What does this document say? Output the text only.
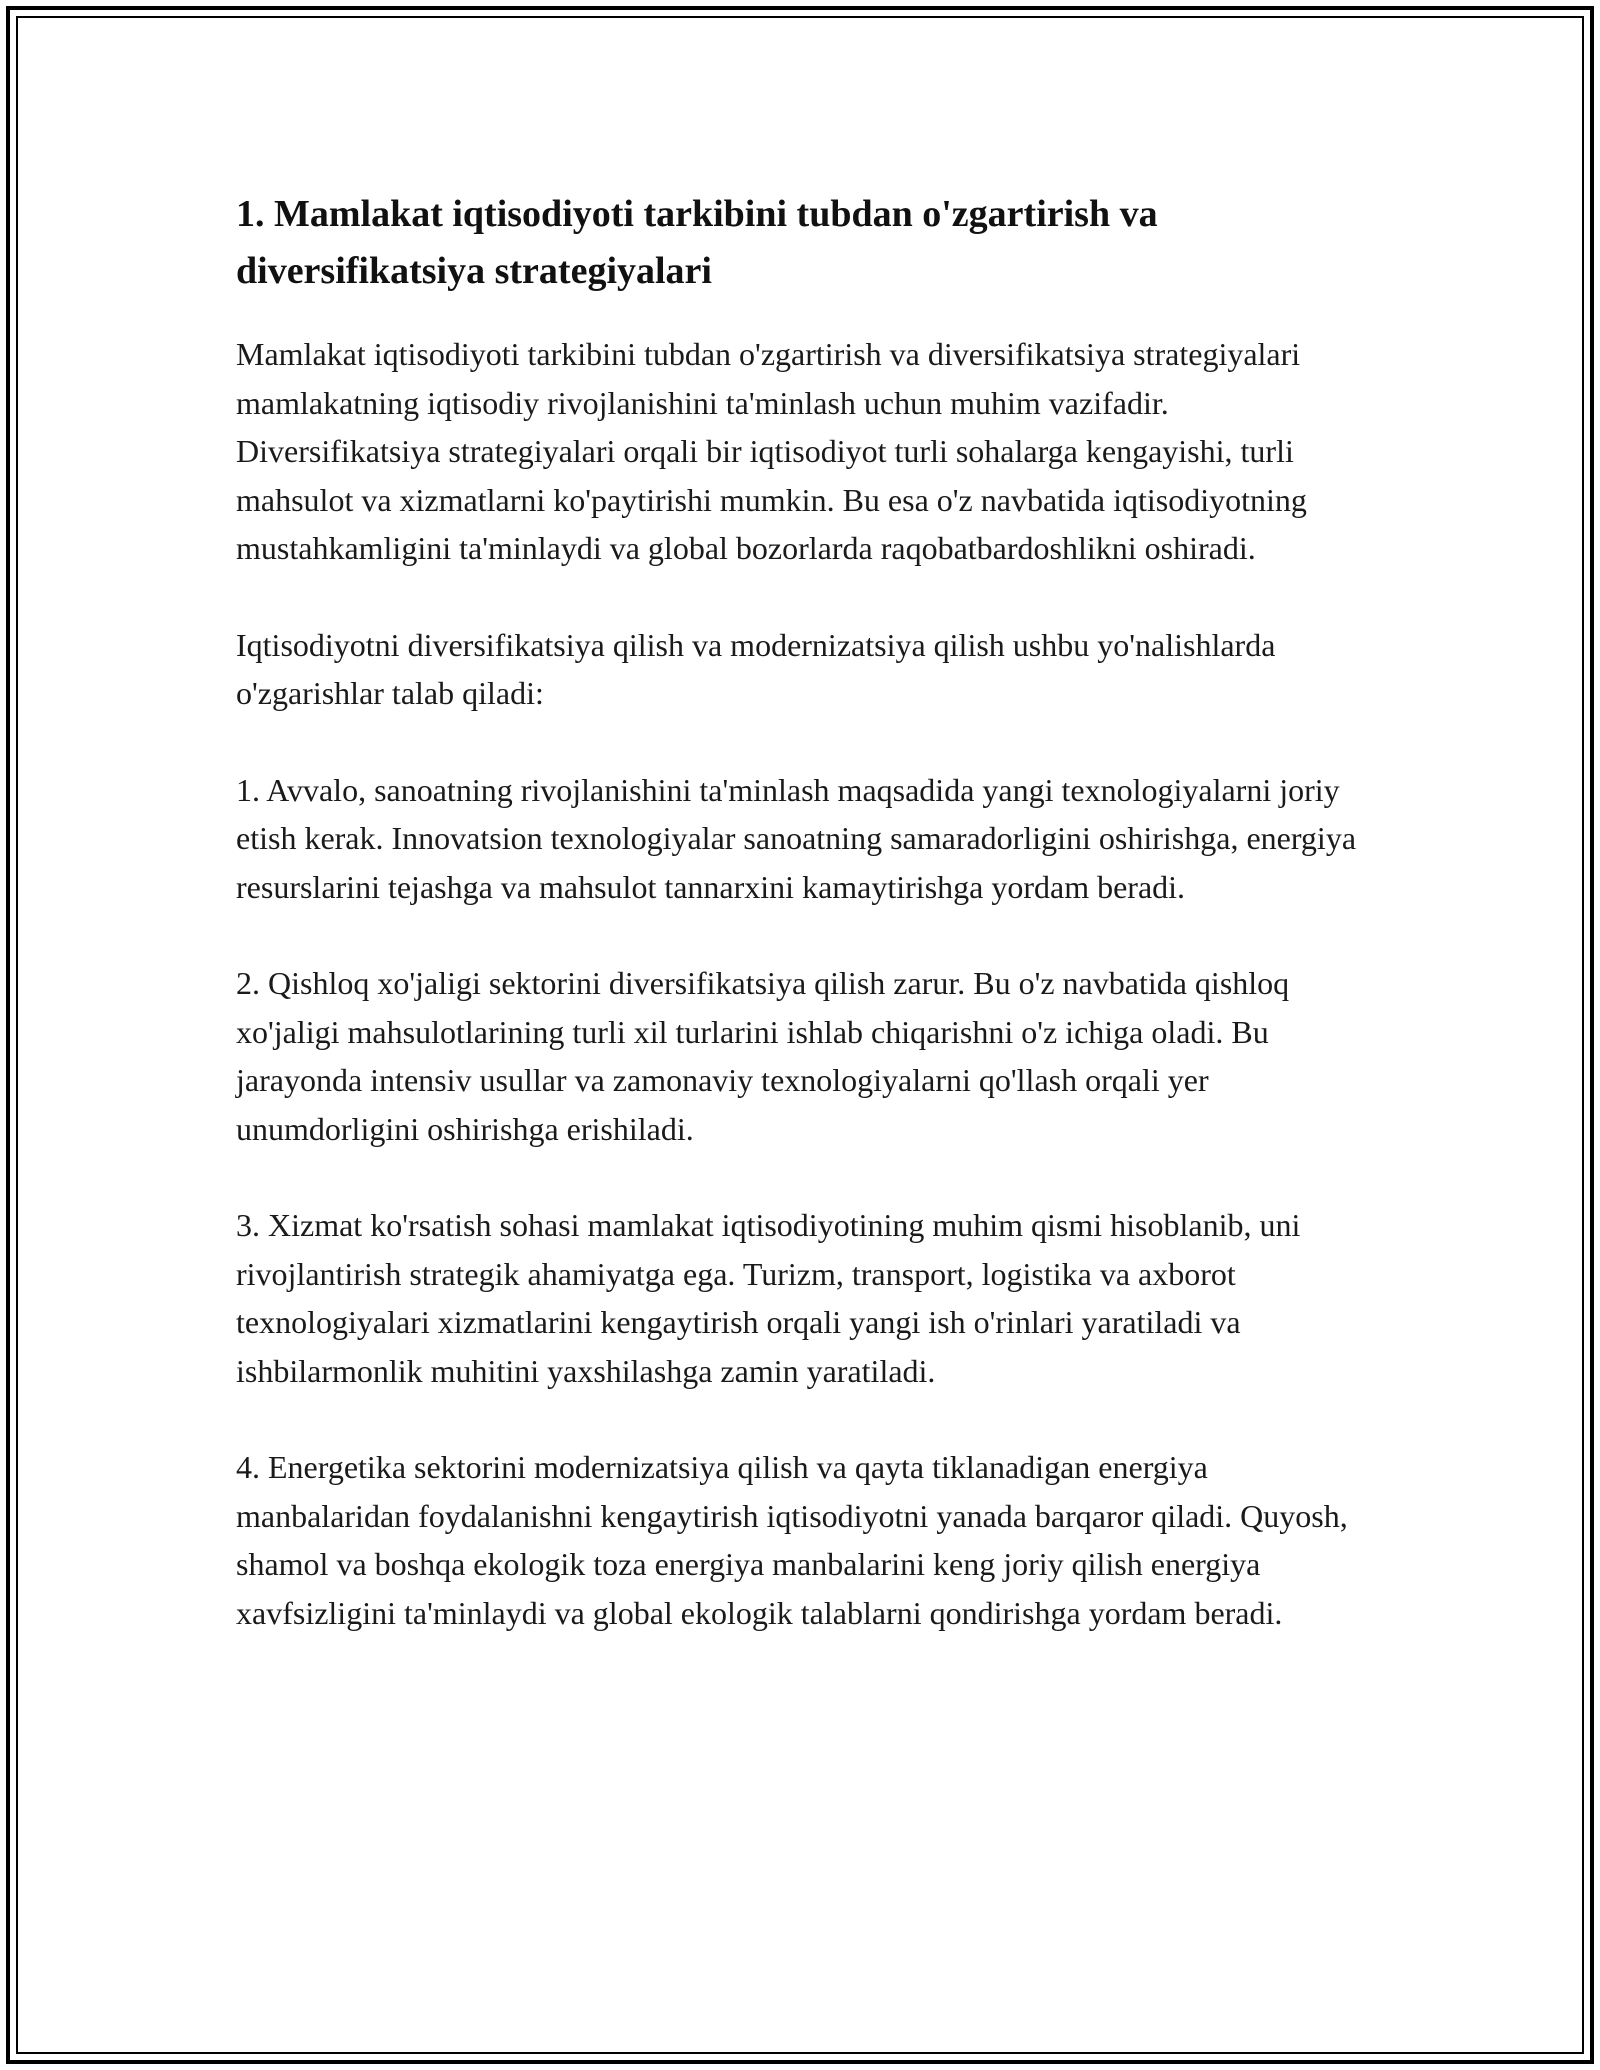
1. Mamlakat iqtisodiyoti tarkibini tubdan o'zgartirish va diversifikatsiya strategiyalari

Mamlakat iqtisodiyoti tarkibini tubdan o'zgartirish va diversifikatsiya strategiyalari mamlakatning iqtisodiy rivojlanishini ta'minlash uchun muhim vazifadir. Diversifikatsiya strategiyalari orqali bir iqtisodiyot turli sohalarga kengayishi, turli mahsulot va xizmatlarni ko'paytirishi mumkin. Bu esa o'z navbatida iqtisodiyotning mustahkamligini ta'minlaydi va global bozorlarda raqobatbardoshlikni oshiradi.

Iqtisodiyotni diversifikatsiya qilish va modernizatsiya qilish ushbu yo'nalishlarda o'zgarishlar talab qiladi:

1. Avvalo, sanoatning rivojlanishini ta'minlash maqsadida yangi texnologiyalarni joriy etish kerak. Innovatsion texnologiyalar sanoatning samaradorligini oshirishga, energiya resurslarini tejashga va mahsulot tannarxini kamaytirishga yordam beradi.

2. Qishloq xo'jaligi sektorini diversifikatsiya qilish zarur. Bu o'z navbatida qishloq xo'jaligi mahsulotlarining turli xil turlarini ishlab chiqarishni o'z ichiga oladi. Bu jarayonda intensiv usullar va zamonaviy texnologiyalarni qo'llash orqali yer unumdorligini oshirishga erishiladi.

3. Xizmat ko'rsatish sohasi mamlakat iqtisodiyotining muhim qismi hisoblanib, uni rivojlantirish strategik ahamiyatga ega. Turizm, transport, logistika va axborot texnologiyalari xizmatlarini kengaytirish orqali yangi ish o'rinlari yaratiladi va ishbilarmonlik muhitini yaxshilashga zamin yaratiladi.

4. Energetika sektorini modernizatsiya qilish va qayta tiklanadigan energiya manbalaridan foydalanishni kengaytirish iqtisodiyotni yanada barqaror qiladi. Quyosh, shamol va boshqa ekologik toza energiya manbalarini keng joriy qilish energiya xavfsizligini ta'minlaydi va global ekologik talablarni qondirishga yordam beradi.
